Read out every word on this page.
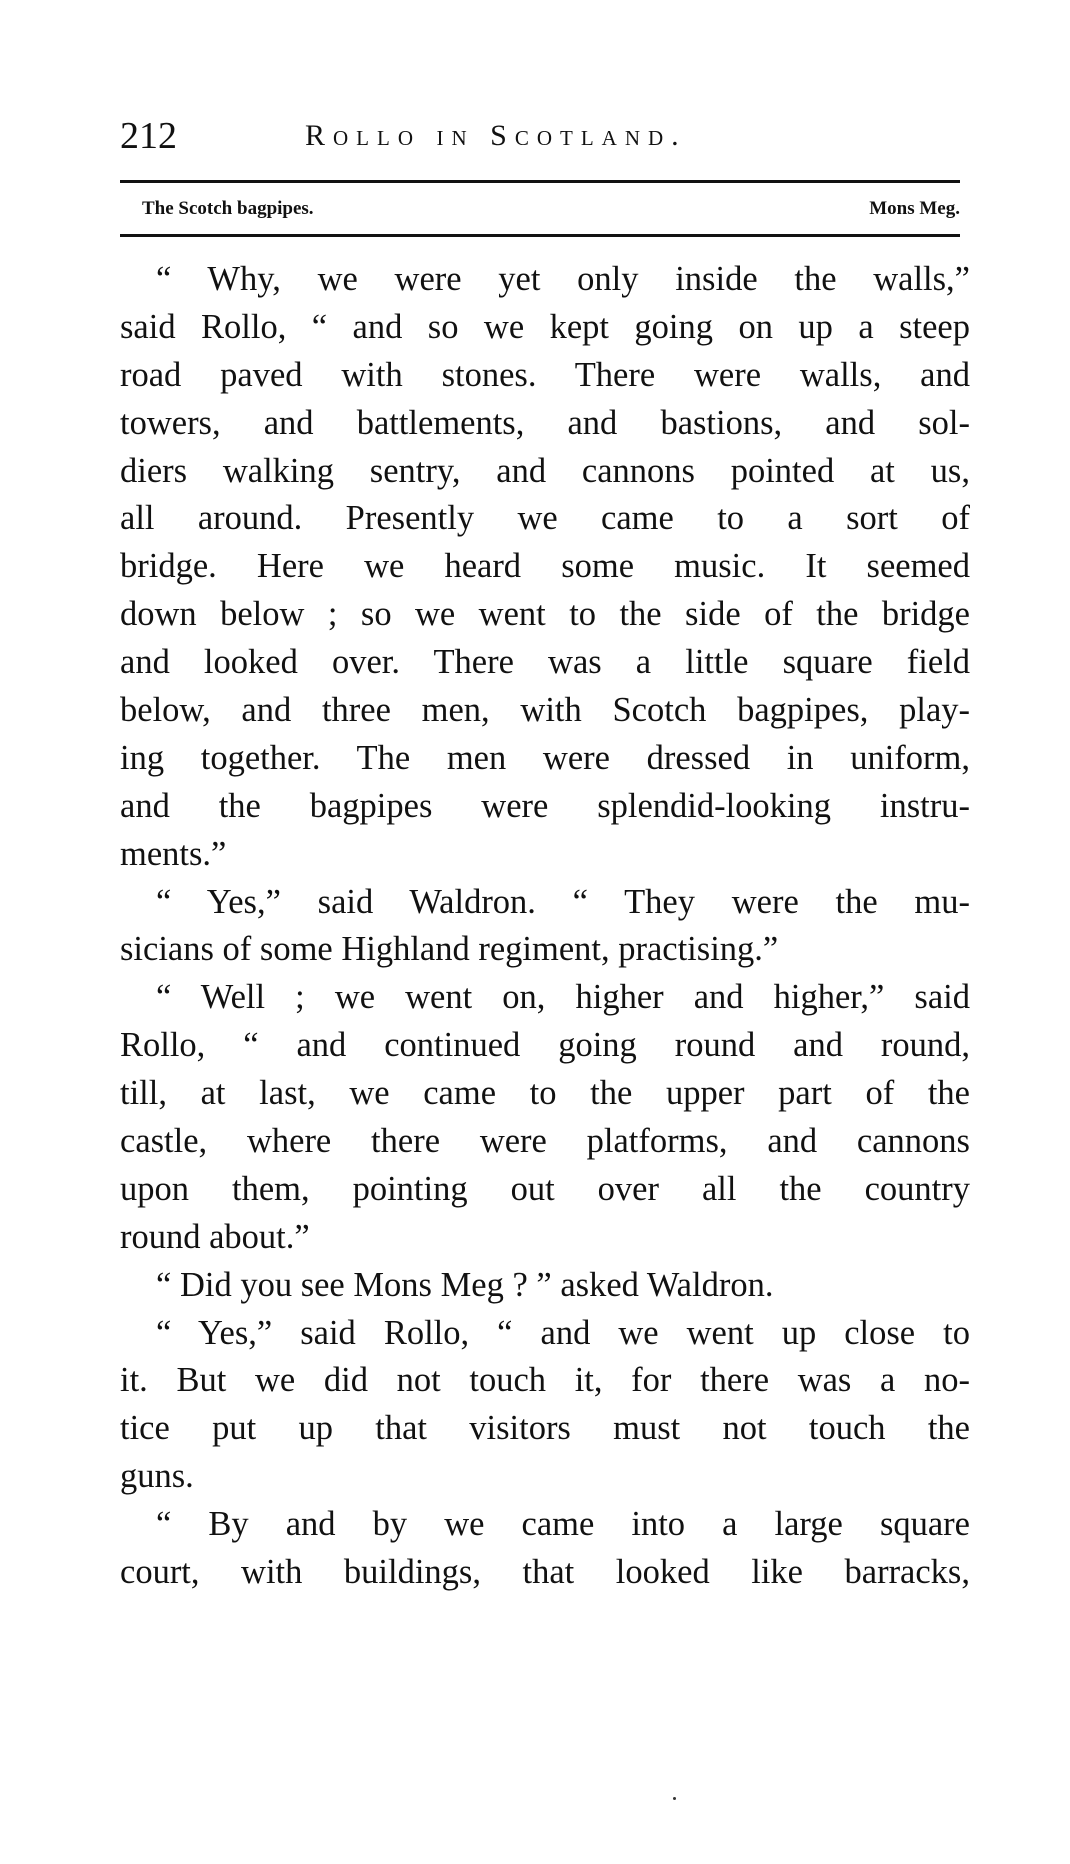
212	Rollo in Scotland.
The Scotch bagpipes.	Mons Meg.
“ Why, we were yet only inside the walls,”
said Rollo, “ and so we kept going on up a steep
road paved with stones. There were walls, and
towers, and battlements, and bastions, and sol-
diers walking sentry, and cannons pointed at us,
all around. Presently we came to a sort of
bridge. Here we heard some music. It seemed
down below ; so we went to the side of the bridge
and looked over. There was a little square field
below, and three men, with Scotch bagpipes, play-
ing together. The men were dressed in uniform,
and the bagpipes were splendid-looking instru-
ments.”
“ Yes,” said Waldron. “ They were the mu-
sicians of some Highland regiment, practising.”
“ Well ; we went on, higher and higher,” said
Rollo, “ and continued going round and round,
till, at last, we came to the upper part of the
castle, where there were platforms, and cannons
upon them, pointing out over all the country
round about.”
“ Did you see Mons Meg ? ” asked Waldron.
“ Yes,” said Rollo, “ and we went up close to
it. But we did not touch it, for there was a no-
tice put up that visitors must not touch the
guns.
“ By and by we came into a large square
court, with buildings, that looked like barracks,
